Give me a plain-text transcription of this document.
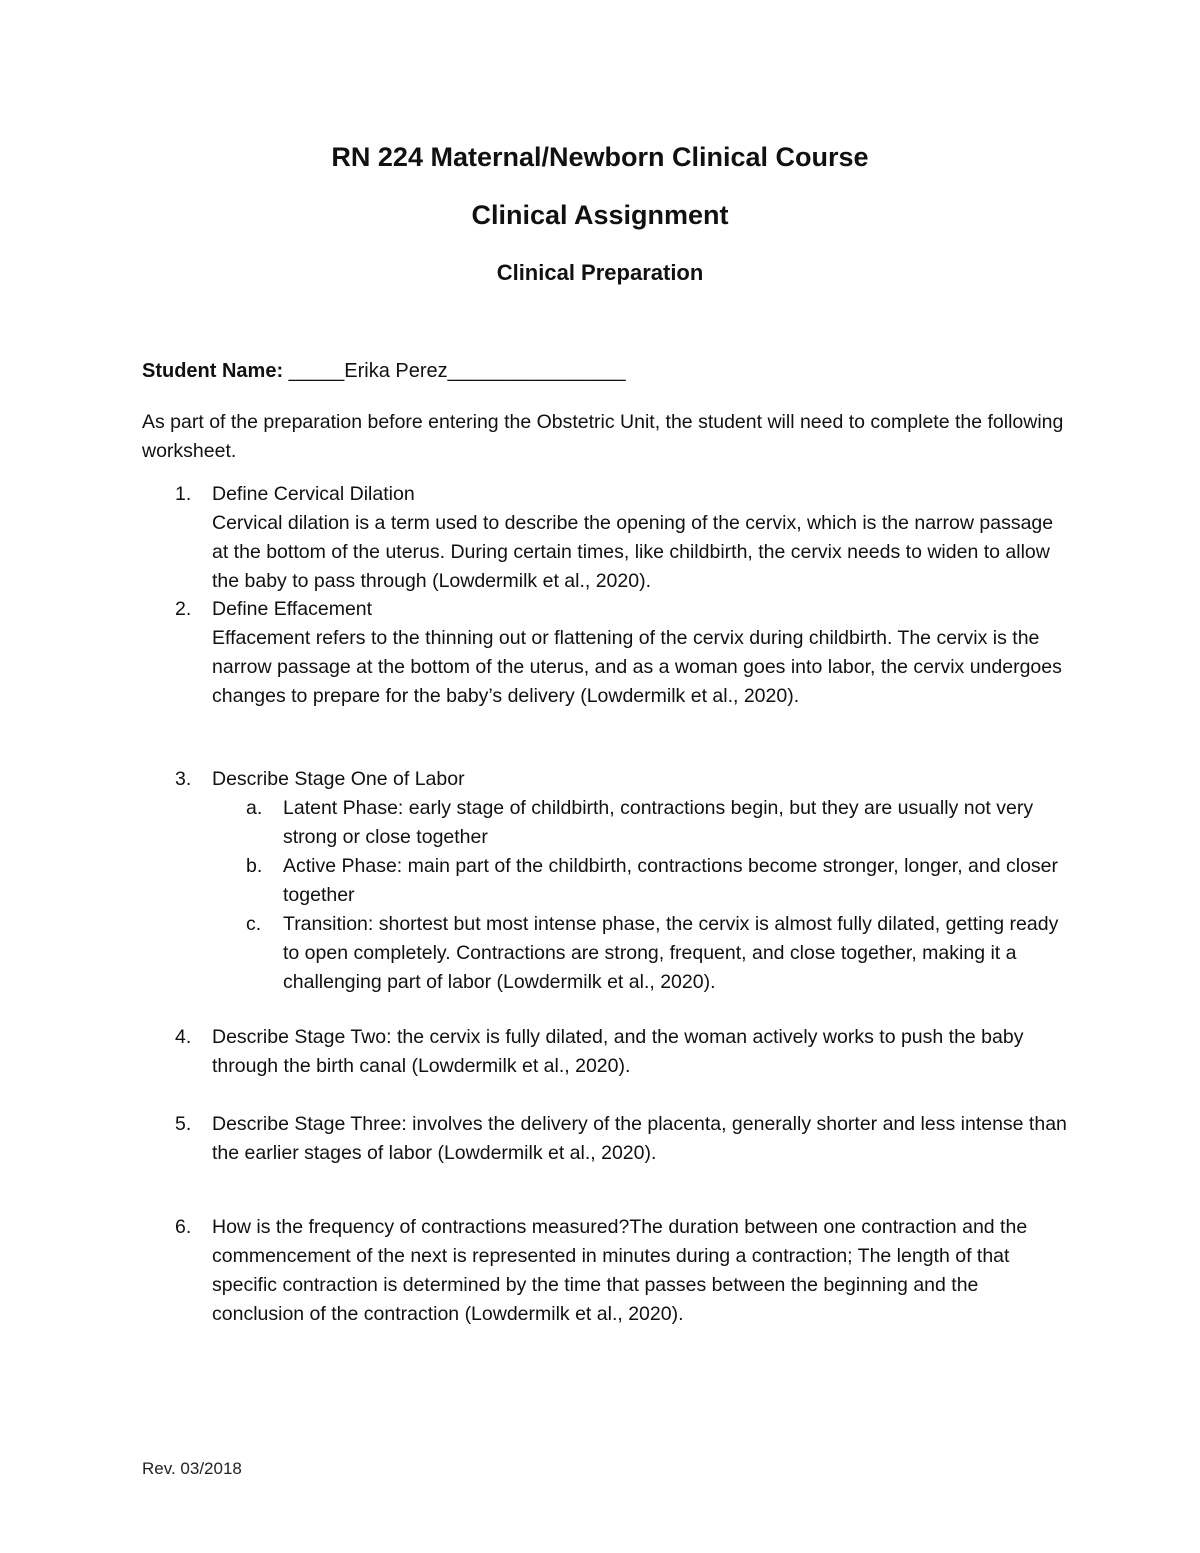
RN 224 Maternal/Newborn Clinical Course
Clinical Assignment
Clinical Preparation
Student Name: _____Erika Perez________________
As part of the preparation before entering the Obstetric Unit, the student will need to complete the following worksheet.
1. Define Cervical Dilation
Cervical dilation is a term used to describe the opening of the cervix, which is the narrow passage at the bottom of the uterus. During certain times, like childbirth, the cervix needs to widen to allow the baby to pass through (Lowdermilk et al., 2020).
2. Define Effacement
Effacement refers to the thinning out or flattening of the cervix during childbirth. The cervix is the narrow passage at the bottom of the uterus, and as a woman goes into labor, the cervix undergoes changes to prepare for the baby’s delivery (Lowdermilk et al., 2020).
3. Describe Stage One of Labor
a. Latent Phase: early stage of childbirth, contractions begin, but they are usually not very strong or close together
b. Active Phase: main part of the childbirth, contractions become stronger, longer, and closer together
c. Transition: shortest but most intense phase, the cervix is almost fully dilated, getting ready to open completely. Contractions are strong, frequent, and close together, making it a challenging part of labor (Lowdermilk et al., 2020).
4. Describe Stage Two: the cervix is fully dilated, and the woman actively works to push the baby through the birth canal (Lowdermilk et al., 2020).
5. Describe Stage Three: involves the delivery of the placenta, generally shorter and less intense than the earlier stages of labor (Lowdermilk et al., 2020).
6. How is the frequency of contractions measured?The duration between one contraction and the commencement of the next is represented in minutes during a contraction; The length of that specific contraction is determined by the time that passes between the beginning and the conclusion of the contraction (Lowdermilk et al., 2020).
Rev. 03/2018
